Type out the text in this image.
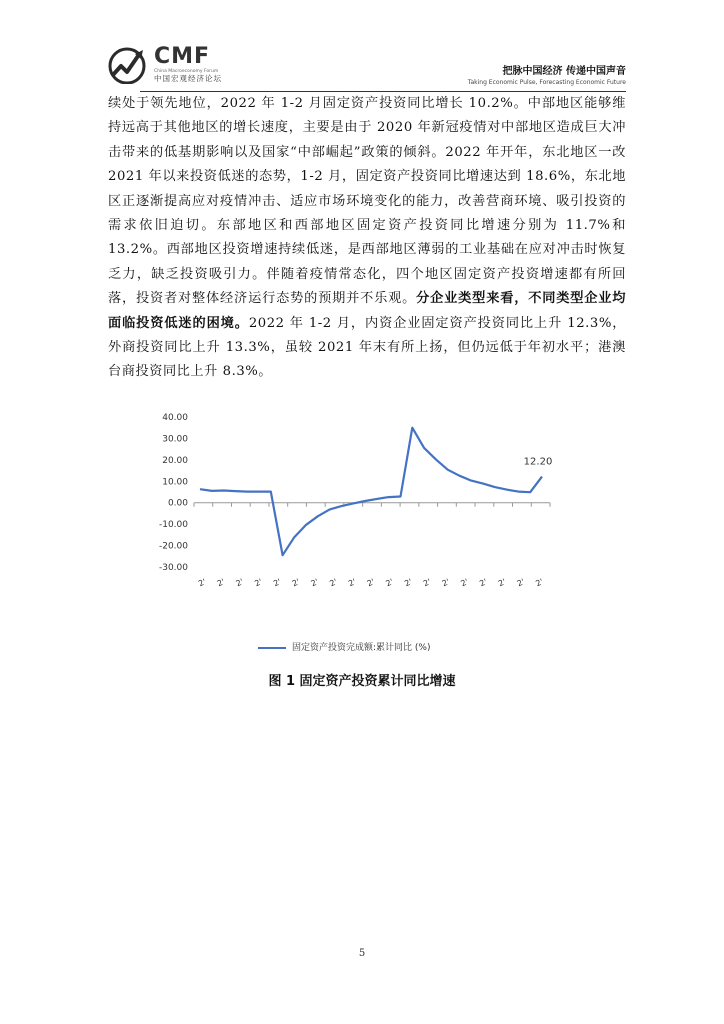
CMF
China Macroeconomy Forum
中国宏观经济论坛
把脉中国经济 传递中国声音
Taking Economic Pulse, Forecasting Economic Future

续处于领先地位，2022 年 1-2 月固定资产投资同比增长 10.2%。中部地区能够维持远高于其他地区的增长速度，主要是由于 2020 年新冠疫情对中部地区造成巨大冲击带来的低基期影响以及国家“中部崛起”政策的倾斜。2022 年开年，东北地区一改 2021 年以来投资低迷的态势，1-2 月，固定资产投资同比增速达到 18.6%，东北地区正逐渐提高应对疫情冲击、适应市场环境变化的能力，改善营商环境、吸引投资的需求依旧迫切。东部地区和西部地区固定资产投资同比增速分别为 11.7%和 13.2%。西部地区投资增速持续低迷，是西部地区薄弱的工业基础在应对冲击时恢复乏力，缺乏投资吸引力。伴随着疫情常态化，四个地区固定资产投资增速都有所回落，投资者对整体经济运行态势的预期并不乐观。分企业类型来看，不同类型企业均面临投资低迷的困境。2022 年 1-2 月，内资企业固定资产投资同比上升 12.3%，外商投资同比上升 13.3%，虽较 2021 年末有所上扬，但仍远低于年初水平；港澳台商投资同比上升 8.3%。

40.00
30.00
20.00
10.00
0.00
-10.00
-20.00
-30.00
2' 2' 2' 2' 2' 2' 2' 2' 2' 2' 2' 2' 2' 2' 2' 2' 2' 2' 2'
12.20
固定资产投资完成额:累计同比 (%)
图 1 固定资产投资累计同比增速
5
